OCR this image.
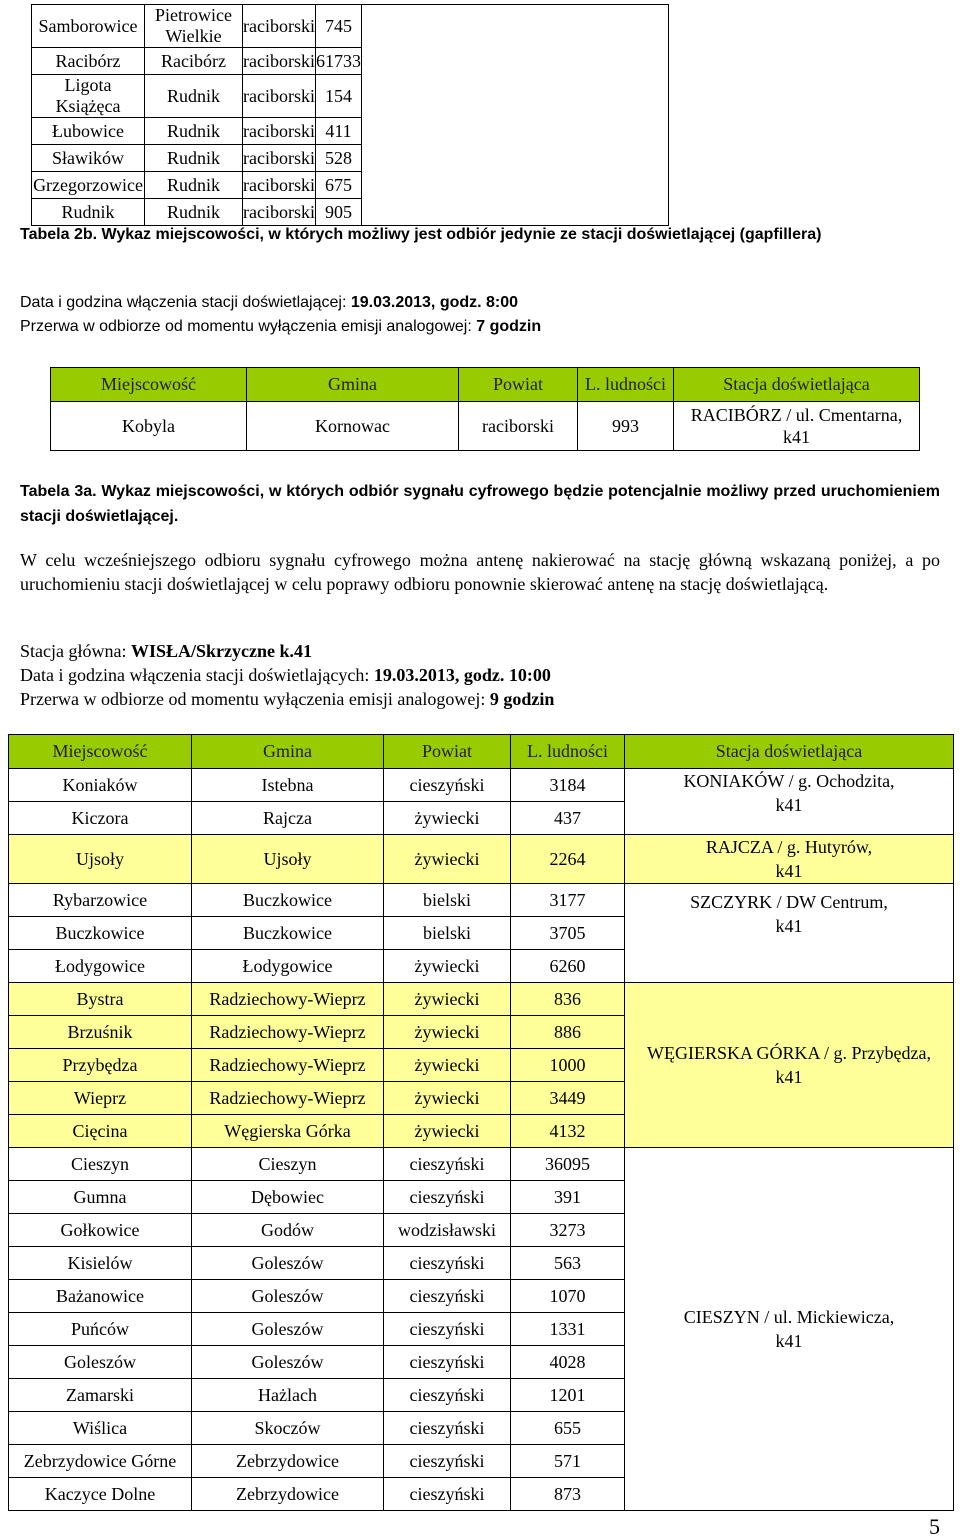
Samborowice	Pietrowice Wielkie	raciborski	745	
Racibórz	Racibórz	raciborski	61733	
Ligota Książęca	Rudnik	raciborski	154	
Łubowice	Rudnik	raciborski	411	
Sławików	Rudnik	raciborski	528	
Grzegorzowice	Rudnik	raciborski	675	
Rudnik	Rudnik	raciborski	905	

Tabela 2b. Wykaz miejscowości, w których możliwy jest odbiór jedynie ze stacji doświetlającej (gapfillera)

Data i godzina włączenia stacji doświetlającej: 19.03.2013, godz. 8:00

Przerwa w odbiorze od momentu wyłączenia emisji analogowej: 7 godzin

Miejscowość	Gmina	Powiat	L. ludności	Stacja doświetlająca
Kobyla	Kornowac	raciborski	993	RACIBÓRZ / ul. Cmentarna,
k41

Tabela 3a. Wykaz miejscowości, w których odbiór sygnału cyfrowego będzie potencjalnie możliwy przed uruchomieniem stacji doświetlającej.

W celu wcześniejszego odbioru sygnału cyfrowego można antenę nakierować na stację główną wskazaną poniżej, a po uruchomieniu stacji doświetlającej w celu poprawy odbioru ponownie skierować antenę na stację doświetlającą.

Stacja główna: WISŁA/Skrzyczne k.41

Data i godzina włączenia stacji doświetlających: 19.03.2013, godz. 10:00

Przerwa w odbiorze od momentu wyłączenia emisji analogowej: 9 godzin

Miejscowość	Gmina	Powiat	L. ludności	Stacja doświetlająca
Koniaków	Istebna	cieszyński	3184	KONIAKÓW / g. Ochodzita,
k41
Kiczora	Rajcza	żywiecki	437	
Ujsoły	Ujsoły	żywiecki	2264	RAJCZA / g. Hutyrów,
k41
Rybarzowice	Buczkowice	bielski	3177	SZCZYRK / DW Centrum,
k41
Buczkowice	Buczkowice	bielski	3705	
Łodygowice	Łodygowice	żywiecki	6260	
Bystra	Radziechowy-Wieprz	żywiecki	836	WĘGIERSKA GÓRKA / g. Przybędza,
k41
Brzuśnik	Radziechowy-Wieprz	żywiecki	886	
Przybędza	Radziechowy-Wieprz	żywiecki	1000	
Wieprz	Radziechowy-Wieprz	żywiecki	3449	
Cięcina	Węgierska Górka	żywiecki	4132	
Cieszyn	Cieszyn	cieszyński	36095	CIESZYN / ul. Mickiewicza,
k41
Gumna	Dębowiec	cieszyński	391	
Gołkowice	Godów	wodzisławski	3273	
Kisielów	Goleszów	cieszyński	563	
Bażanowice	Goleszów	cieszyński	1070	
Puńców	Goleszów	cieszyński	1331	
Goleszów	Goleszów	cieszyński	4028	
Zamarski	Hażlach	cieszyński	1201	
Wiślica	Skoczów	cieszyński	655	
Zebrzydowice Górne	Zebrzydowice	cieszyński	571	
Kaczyce Dolne	Zebrzydowice	cieszyński	873	
5
